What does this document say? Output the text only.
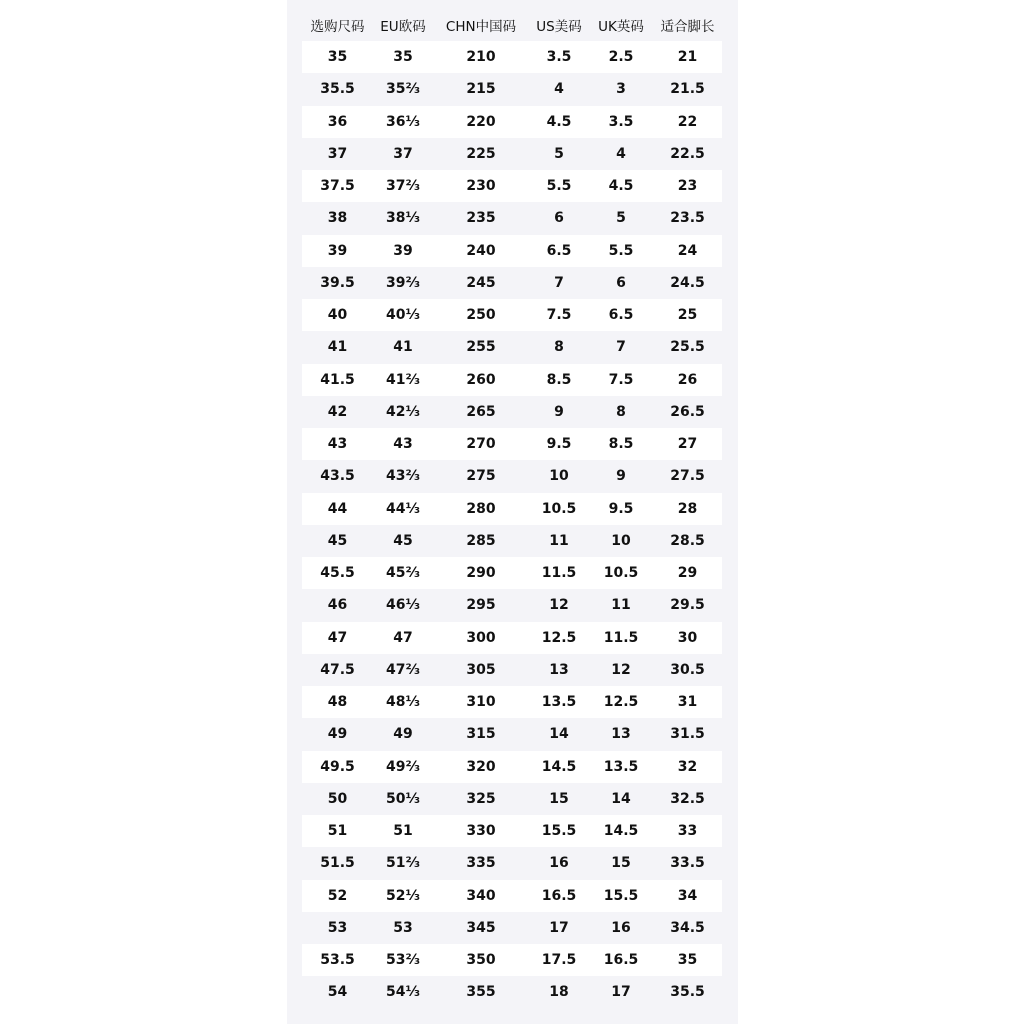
选购尺码	EU欧码	CHN中国码	US美码	UK英码	适合脚长
35	35	210	3.5	2.5	21
35.5	35⅔	215	4	3	21.5
36	36⅓	220	4.5	3.5	22
37	37	225	5	4	22.5
37.5	37⅔	230	5.5	4.5	23
38	38⅓	235	6	5	23.5
39	39	240	6.5	5.5	24
39.5	39⅔	245	7	6	24.5
40	40⅓	250	7.5	6.5	25
41	41	255	8	7	25.5
41.5	41⅔	260	8.5	7.5	26
42	42⅓	265	9	8	26.5
43	43	270	9.5	8.5	27
43.5	43⅔	275	10	9	27.5
44	44⅓	280	10.5	9.5	28
45	45	285	11	10	28.5
45.5	45⅔	290	11.5	10.5	29
46	46⅓	295	12	11	29.5
47	47	300	12.5	11.5	30
47.5	47⅔	305	13	12	30.5
48	48⅓	310	13.5	12.5	31
49	49	315	14	13	31.5
49.5	49⅔	320	14.5	13.5	32
50	50⅓	325	15	14	32.5
51	51	330	15.5	14.5	33
51.5	51⅔	335	16	15	33.5
52	52⅓	340	16.5	15.5	34
53	53	345	17	16	34.5
53.5	53⅔	350	17.5	16.5	35
54	54⅓	355	18	17	35.5
